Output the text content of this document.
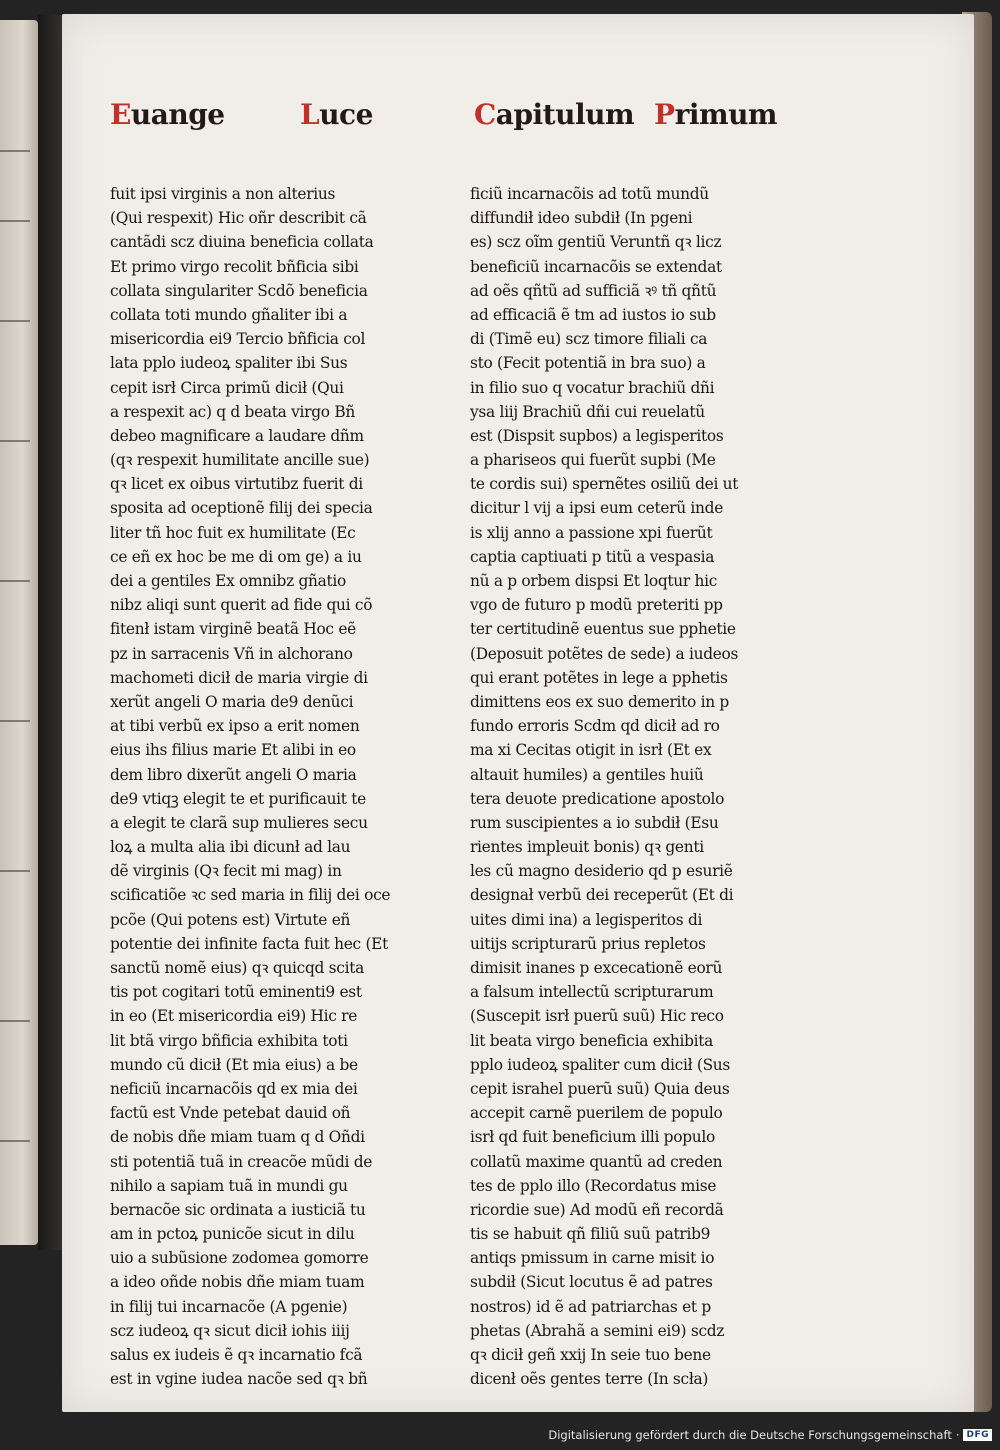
Euange	Luce	Capitulum Primum
fuit ipsi virginis a non alterius
(Qui respexit) Hic oñr describit cã
cantãdi scz diuina beneficia collata
Et primo virgo recolit bñficia sibi
collata singulariter Scdõ beneficia
collata toti mundo gñaliter ibi a
misericordia ei9 Tercio bñficia col
lata pplo iudeoꝝ spaliter ibi Sus
cepit isrł Circa primũ dicił (Qui
a respexit ac) q d beata virgo Bñ
debeo magnificare a laudare dñm
(qꝛ respexit humilitate ancille sue)
qꝛ licet ex oibus virtutibz fuerit di
sposita ad oceptionẽ filij dei specia
liter tñ hoc fuit ex humilitate (Ec
ce eñ ex hoc be me di om ge) a iu
dei a gentiles Ex omnibz gñatio
nibz aliqi sunt querit ad fide qui cõ
fitenł istam virginẽ beatã Hoc eẽ
pz in sarracenis Vñ in alchorano
machometi dicił de maria virgie di
xerũt angeli O maria de9 denũci
at tibi verbũ ex ipso a erit nomen
eius ihs filius marie Et alibi in eo
dem libro dixerũt angeli O maria
de9 vtiqꝫ elegit te et purificauit te
a elegit te clarã sup mulieres secu
loꝝ a multa alia ibi dicunł ad lau
dẽ virginis (Qꝛ fecit mi mag) in
scificatiõe ꝛc sed maria in filij dei oce
pcõe (Qui potens est) Virtute eñ
potentie dei infinite facta fuit hec (Et
sanctũ nomẽ eius) qꝛ quicqd scita
tis pot cogitari totũ eminenti9 est
in eo (Et misericordia ei9) Hic re
lit btã virgo bñficia exhibita toti
mundo cũ dicił (Et mia eius) a be
neficiũ incarnacõis qd ex mia dei
factũ est Vnde petebat dauid oñ
de nobis dñe miam tuam q d Oñdi
sti potentiã tuã in creacõe mũdi de
nihilo a sapiam tuã in mundi gu
bernacõe sic ordinata a iusticiã tu
am in pctoꝝ punicõe sicut in dilu
uio a subũsione zodomea gomorre
a ideo oñde nobis dñe miam tuam
in filij tui incarnacõe (A pgenie)
scz iudeoꝝ qꝛ sicut dicił iohis iiij
salus ex iudeis ẽ qꝛ incarnatio fcã
est in vgine iudea nacõe sed qꝛ bñ
ficiũ incarnacõis ad totũ mundũ
diffundił ideo subdił (In pgeni
es) scz oĩm gentiũ Veruntñ qꝛ licz
beneficiũ incarnacõis se extendat
ad oẽs qñtũ ad sufficiã ꝛꝰ tñ qñtũ
ad efficaciã ẽ tm ad iustos io sub
di (Timẽ eu) scz timore filiali ca
sto (Fecit potentiã in bra suo) a
in filio suo q vocatur brachiũ dñi
ysa liij Brachiũ dñi cui reuelatũ
est (Dispsit supbos) a legisperitos
a phariseos qui fuerũt supbi (Me
te cordis sui) spernẽtes osiliũ dei ut
dicitur l vij a ipsi eum ceterũ inde
is xlij anno a passione xpi fuerũt
captia captiuati p titũ a vespasia
nũ a p orbem dispsi Et loqtur hic
vgo de futuro p modũ preteriti pp
ter certitudinẽ euentus sue pphetie
(Deposuit potẽtes de sede) a iudeos
qui erant potẽtes in lege a pphetis
dimittens eos ex suo demerito in p
fundo erroris Scdm qd dicił ad ro
ma xi Cecitas otigit in isrł (Et ex
altauit humiles) a gentiles huiũ
tera deuote predicatione apostolo
rum suscipientes a io subdił (Esu
rientes impleuit bonis) qꝛ genti
les cũ magno desiderio qd p esuriẽ
designał verbũ dei receperũt (Et di
uites dimi ina) a legisperitos di
uitijs scripturarũ prius repletos
dimisit inanes p excecationẽ eorũ
a falsum intellectũ scripturarum
(Suscepit isrł puerũ suũ) Hic reco
lit beata virgo beneficia exhibita
pplo iudeoꝝ spaliter cum dicił (Sus
cepit israhel puerũ suũ) Quia deus
accepit carnẽ puerilem de populo
isrł qd fuit beneficium illi populo
collatũ maxime quantũ ad creden
tes de pplo illo (Recordatus mise
ricordie sue) Ad modũ eñ recordã
tis se habuit qñ filiũ suũ patrib9
antiqs pmissum in carne misit io
subdił (Sicut locutus ẽ ad patres
nostros) id ẽ ad patriarchas et p
phetas (Abrahã a semini ei9) scdz
qꝛ dicił geñ xxij In seie tuo bene
dicenł oẽs gentes terre (In scła)
Digitalisierung gefördert durch die Deutsche Forschungsgemeinschaft · DFG
